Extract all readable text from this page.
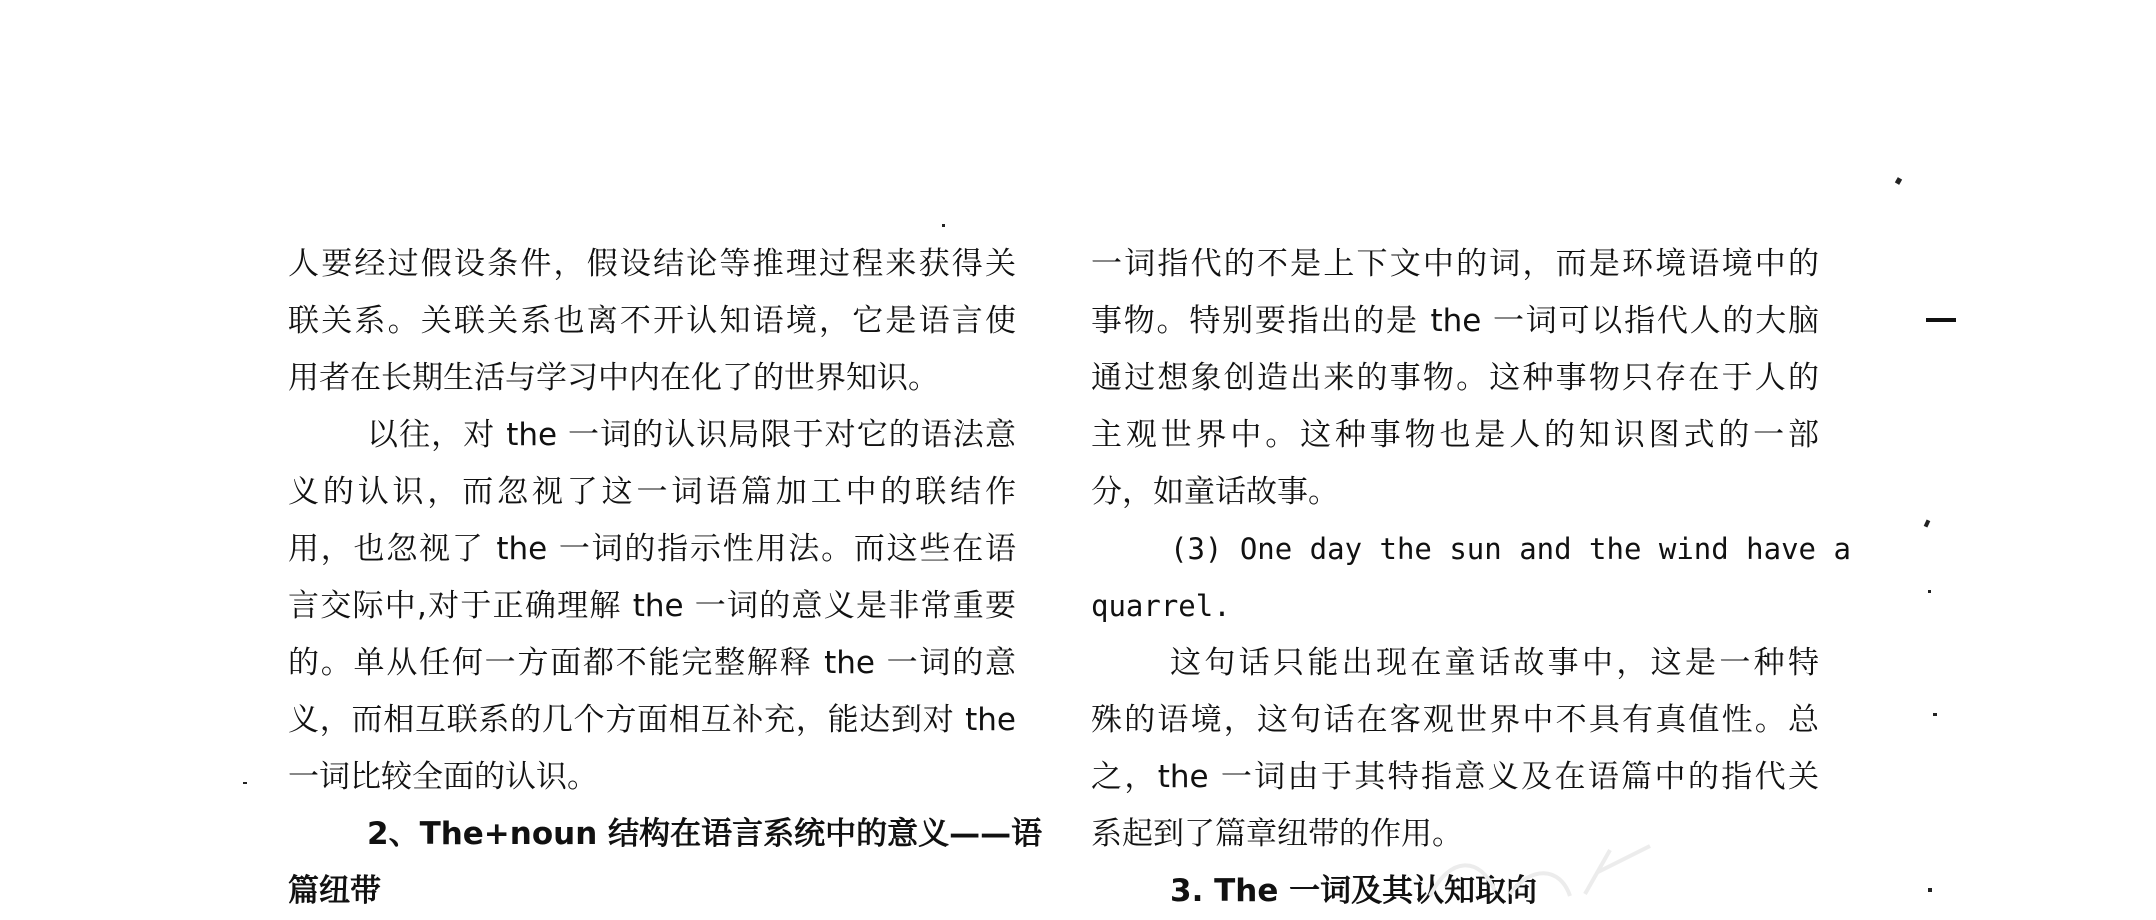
人要经过假设条件，假设结论等推理过程来获得关
联关系。关联关系也离不开认知语境，它是语言使
用者在长期生活与学习中内在化了的世界知识。
以往，对 the 一词的认识局限于对它的语法意
义的认识，而忽视了这一词语篇加工中的联结作
用，也忽视了 the 一词的指示性用法。而这些在语
言交际中,对于正确理解 the 一词的意义是非常重要
的。单从任何一方面都不能完整解释 the 一词的意
义，而相互联系的几个方面相互补充，能达到对 the
一词比较全面的认识。
2、The+noun 结构在语言系统中的意义——语
篇纽带
一词指代的不是上下文中的词，而是环境语境中的
事物。特别要指出的是 the 一词可以指代人的大脑
通过想象创造出来的事物。这种事物只存在于人的
主观世界中。这种事物也是人的知识图式的一部
分，如童话故事。
(3) One day the sun and the wind have a
quarrel.
这句话只能出现在童话故事中，这是一种特
殊的语境，这句话在客观世界中不具有真值性。总
之，the 一词由于其特指意义及在语篇中的指代关
系起到了篇章纽带的作用。
3. The 一词及其认知取向
